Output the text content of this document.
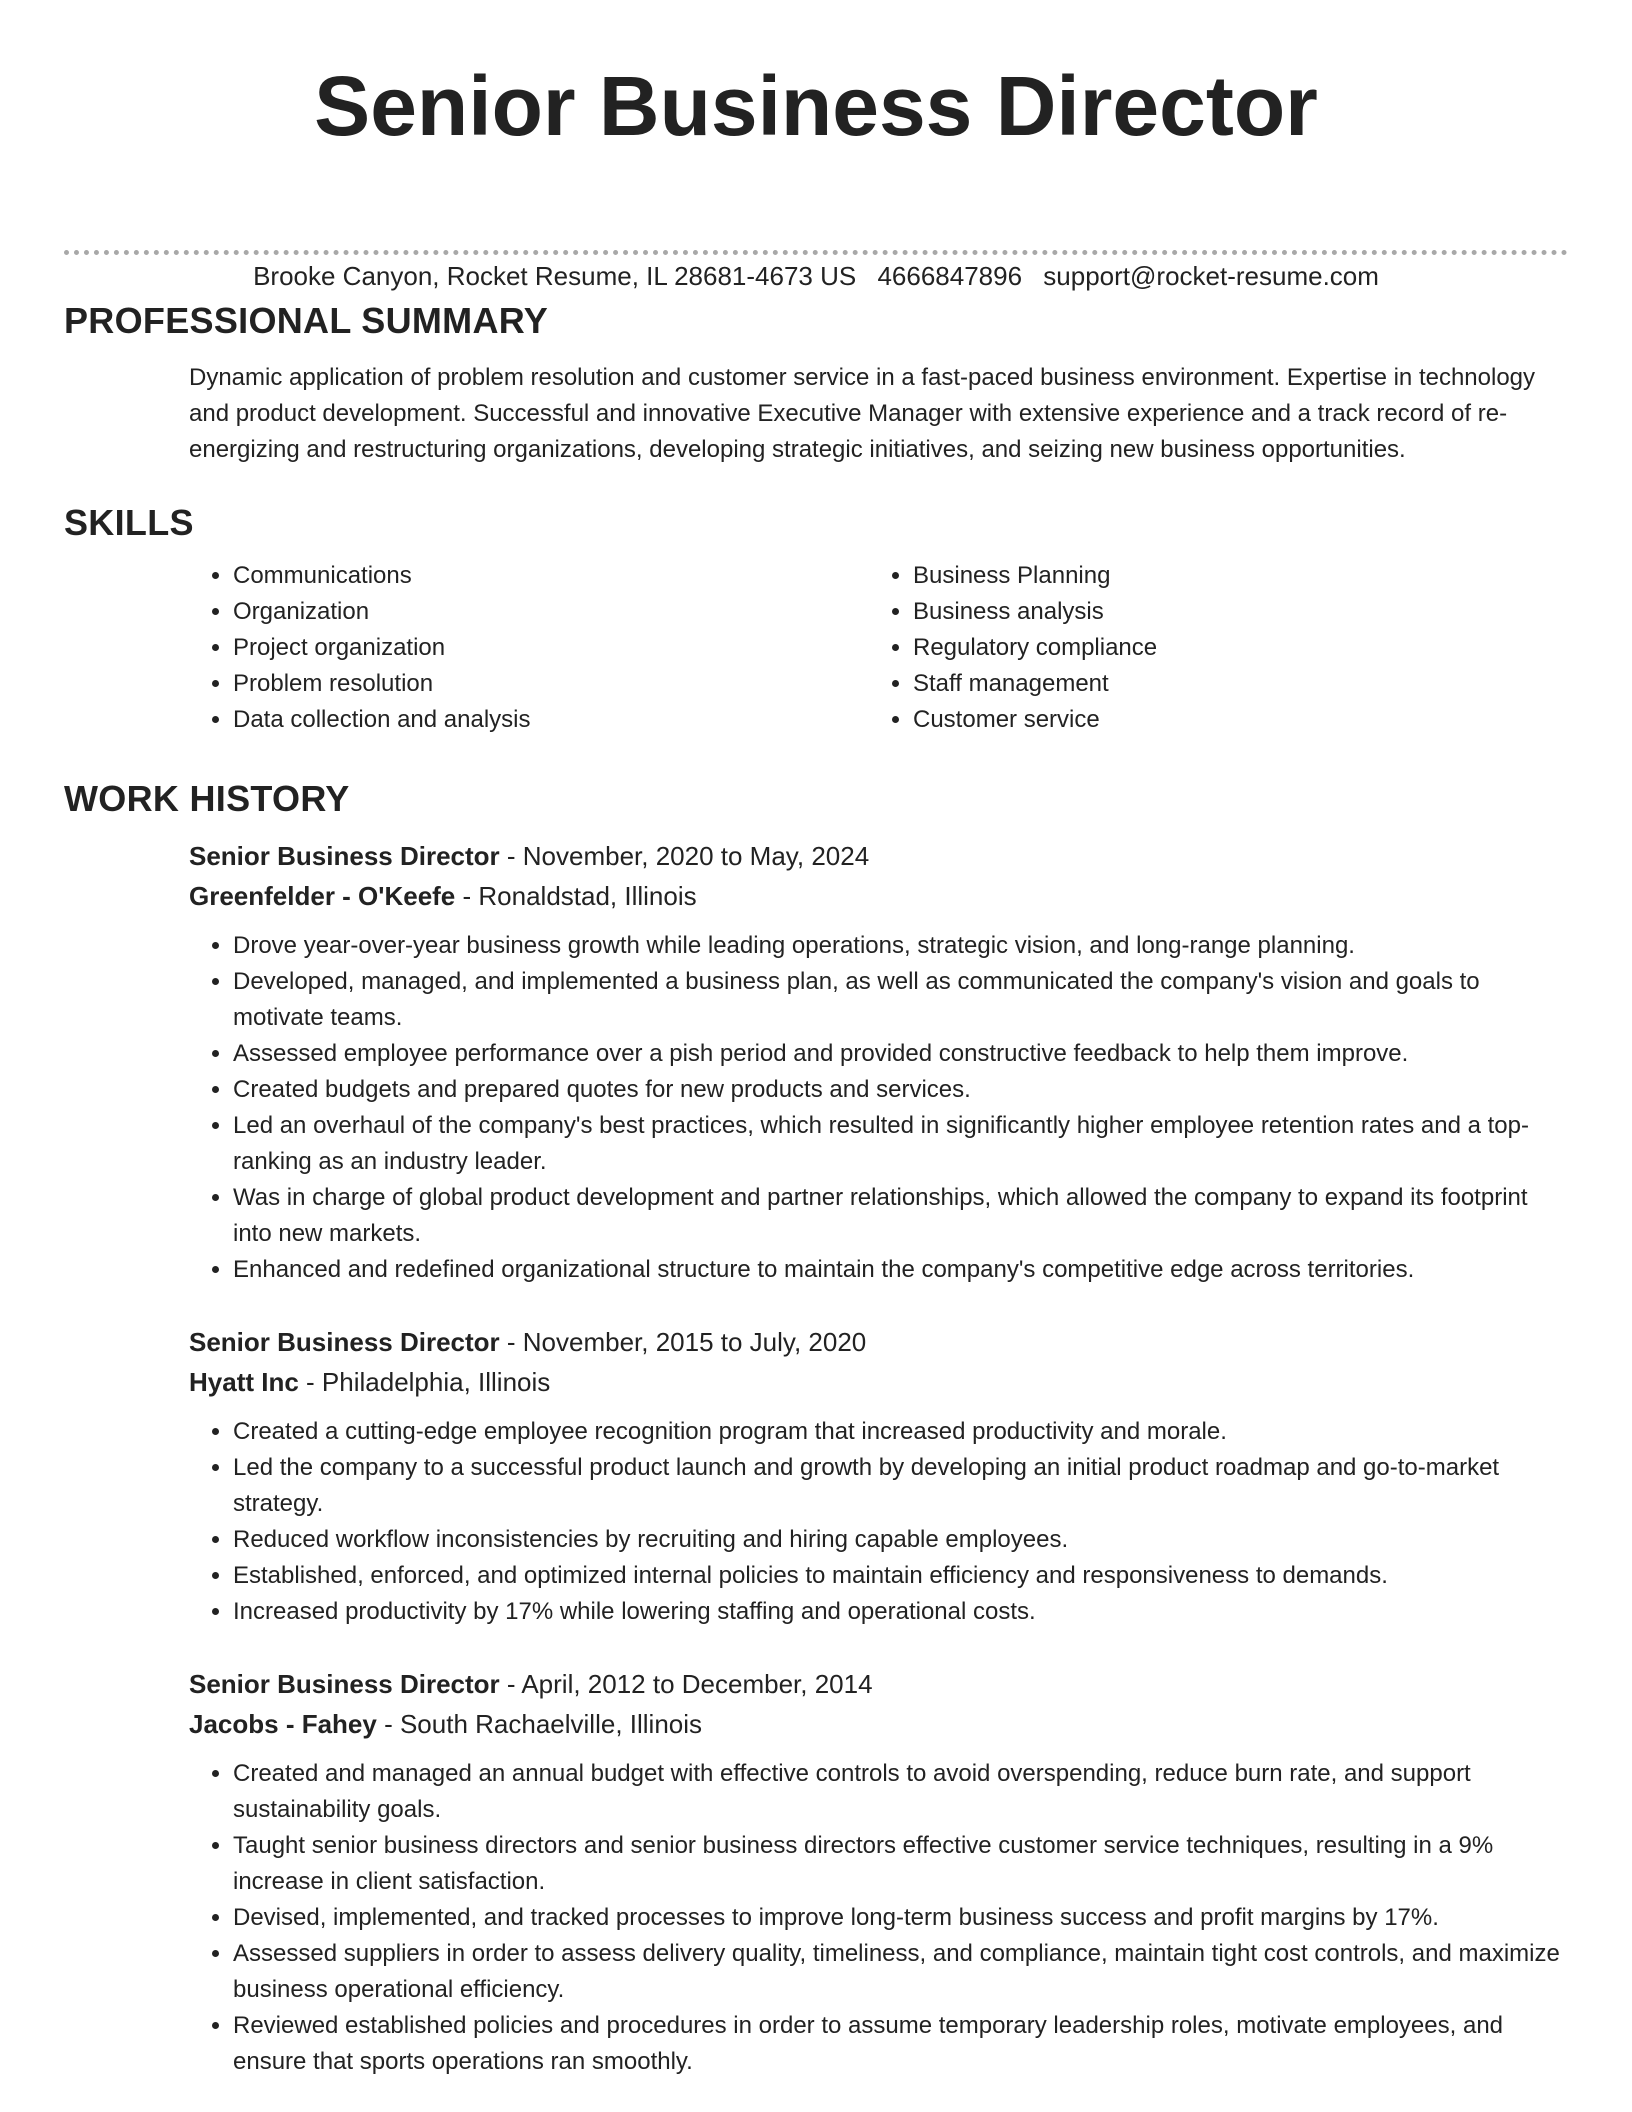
Senior Business Director
Brooke Canyon, Rocket Resume, IL 28681-4673 US 4666847896 support@rocket-resume.com
PROFESSIONAL SUMMARY

Dynamic application of problem resolution and customer service in a fast-paced business environment. Expertise in technology and product development. Successful and innovative Executive Manager with extensive experience and a track record of re-energizing and restructuring organizations, developing strategic initiatives, and seizing new business opportunities.

SKILLS
• Communications
• Organization
• Project organization
• Problem resolution
• Data collection and analysis
• Business Planning
• Business analysis
• Regulatory compliance
• Staff management
• Customer service
WORK HISTORY
Senior Business Director - November, 2020 to May, 2024
Greenfelder - O'Keefe - Ronaldstad, Illinois
• Drove year-over-year business growth while leading operations, strategic vision, and long-range planning.
• Developed, managed, and implemented a business plan, as well as communicated the company's vision and goals to motivate teams.
• Assessed employee performance over a pish period and provided constructive feedback to help them improve.
• Created budgets and prepared quotes for new products and services.
• Led an overhaul of the company's best practices, which resulted in significantly higher employee retention rates and a top-ranking as an industry leader.
• Was in charge of global product development and partner relationships, which allowed the company to expand its footprint into new markets.
• Enhanced and redefined organizational structure to maintain the company's competitive edge across territories.
Senior Business Director - November, 2015 to July, 2020
Hyatt Inc - Philadelphia, Illinois
• Created a cutting-edge employee recognition program that increased productivity and morale.
• Led the company to a successful product launch and growth by developing an initial product roadmap and go-to-market strategy.
• Reduced workflow inconsistencies by recruiting and hiring capable employees.
• Established, enforced, and optimized internal policies to maintain efficiency and responsiveness to demands.
• Increased productivity by 17% while lowering staffing and operational costs.
Senior Business Director - April, 2012 to December, 2014
Jacobs - Fahey - South Rachaelville, Illinois
• Created and managed an annual budget with effective controls to avoid overspending, reduce burn rate, and support sustainability goals.
• Taught senior business directors and senior business directors effective customer service techniques, resulting in a 9% increase in client satisfaction.
• Devised, implemented, and tracked processes to improve long-term business success and profit margins by 17%.
• Assessed suppliers in order to assess delivery quality, timeliness, and compliance, maintain tight cost controls, and maximize business operational efficiency.
• Reviewed established policies and procedures in order to assume temporary leadership roles, motivate employees, and ensure that sports operations ran smoothly.
